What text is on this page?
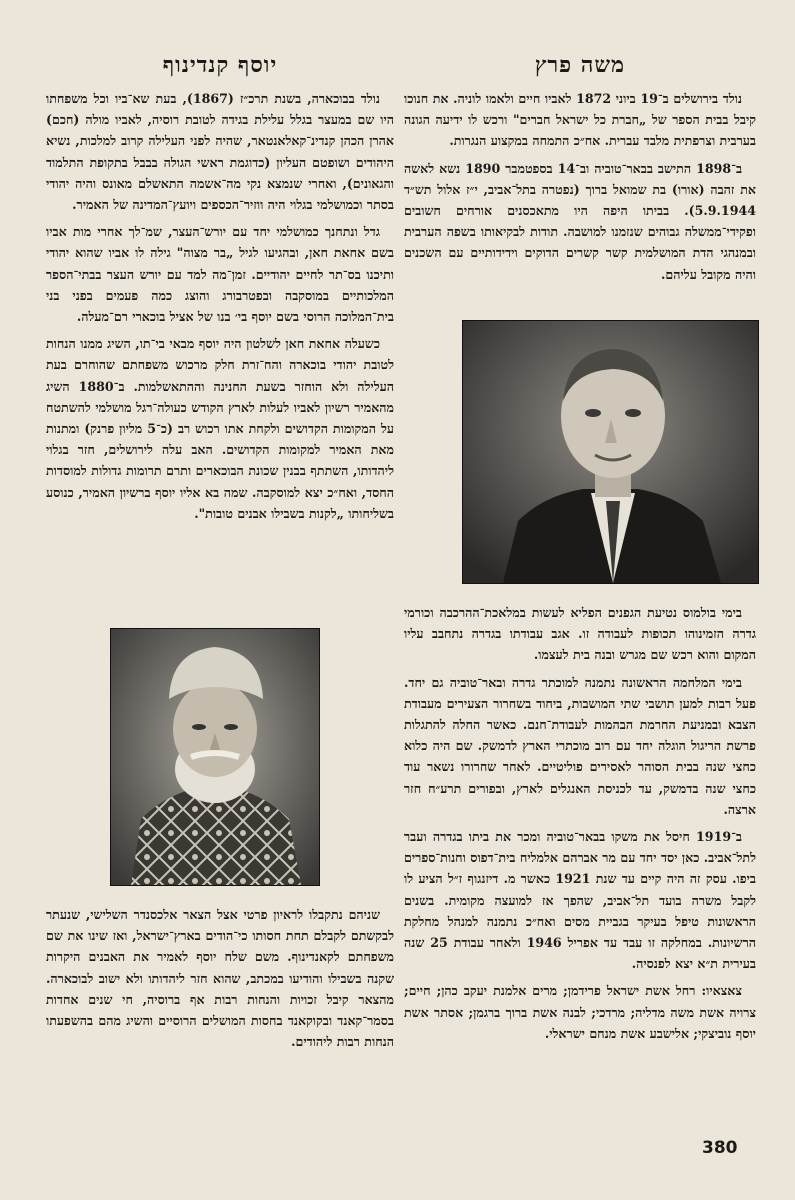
משה פרץ

נולד בירושלים ב־19 ביוני 1872 לאביו חיים ולאמו לוניה. את חנוכו קיבל בבית הספר של „חברת כל ישראל חברים" ורכש לו ידיעה הגונה בערבית וצרפתית מלבד עברית. אח״כ התמחה במקצוע הנגרות.

ב־1898 התישב בבאר־טוביה וב־14 בספטמבר 1890 נשא לאשה את זהבה (אורו) בת שמואל ברוך (נפטרה בתל־אביב, י״ז אלול תש״ד 5.9.1944). בביתו היפה היו מתאכסנים אורחים חשובים ופקידי־ממשלה גבוהים שנזמנו למושבה. תודות לבקיאותו בשפה הערבית ובמנהגי הדת המושלמית קשר קשרים הדוקים וידידותיים עם השכנים והיה מקובל עליהם.

בימי בולמוס נטיעת הגפנים הפליא לעשות במלאכת־ההרכבה וכורמי גדרה הזמינוהו תכופות לעבודה זו. אגב עבודתו בגדרה נתחבב עליו המקום והוא רכש שם מגרש ובנה בית לעצמו.

בימי המלחמה הראשונה נתמנה למוכתר גדרה ובאר־טוביה גם יחד. פעל רבות למען תושבי שתי המושבות, ביחוד בשחרור הצעירים מעבודת הצבא ובמניעת החרמת הבהמות לעבודת־חנם. כאשר החלה להתגלות פרשת הריגול הוגלה יחד עם רוב מוכתרי הארץ לדמשק. שם היה כלוא כחצי שנה בבית הסוהר לאסירים פוליטיים. לאחר שחרורו נשאר עוד כחצי שנה בדמשק, עד לכניסת האנגלים לארץ, ובפורים תרע״ח חזר ארצה.

ב־1919 חיסל את משקו בבאר־טוביה ומכר את ביתו בגדרה ועבר לתל־אביב. כאן יסד יחד עם מר אברהם אלמליח בית־דפוס וחנות־ספרים ביפו. עסק זה היה קיים עד שנת 1921 כאשר מ. דיזנגוף ז״ל הציע לו לקבל משרה בועד תל־אביב, שהפך אז למועצה מקומית. בשנים הראשונות טיפל בעיקר בגביית מסים ואח״כ נתמנה למנהל מחלקת הרשיונות. במחלקה זו עבד עד אפריל 1946 ולאחר עבודת 25 שנה בעירית ת״א יצא לפנסיה.

צאצאיו: רחל אשת ישראל פרידמן; מרים אלמנת יעקב כהן; חיים; צרויה אשת משה מדליה; מרדכי; לבנה אשת ברוך ברגמן; אסתר אשת יוסף נוביצקי; אלישבע אשת מנחם ישראלי.

יוסף קנדינוף

נולד בבוכארה, בשנת תרכ״ז (1867), בעת שא־ביו וכל משפחתו היו שם במעצר בגלל עלילת בגידה לטובת רוסיה, לאביו מולה (חכם) אהרן הכהן קנדינ־קאלאנטאר, שהיה לפני העלילה קרוב למלכות, נשיא היהודים ושופטם העליון (כדוגמת ראשי הגולה בבבל בתקופת התלמוד והגאונים), ואחרי שנמצא נקי מה־אשמה התאשלם מאונס והיה יהודי בסתר וכמושלמי בגלוי היה ווזיר־הכספים ויועץ־המדינה של האמיר.

גדל ונתחנך כמושלמי יחד עם יורש־העצר, שמ־לך אחרי מות אביו בשם אחאת חאן, ובהגיעו לגיל „בר מצוה" גילה לו אביו שהוא יהודי ותיכנו בס־תר לחיים יהודיים. זמן־מה למד עם יורש העצר בבתי־הספר המלכותיים במוסקבה ובפטרבורג והוצג כמה פעמים בפני בני בית־המלוכה הרוסי בשם יוסף בי׳ בנו של אציל בוכארי רם־מעלה.

כשעלה אחאת חאן לשלטון היה יוסף מבאי בי־תו, השיג ממנו הנחות לטובת יהודי בוכארה והח־זרת חלק מרכוש משפחתם שהוחרם בעת העלילה ולא הוחזר בשעת החנינה וההתאשלמות. ב־1880 השיג מהאמיר רשיון לאביו לעלות לארץ הקודש כעולה־רגל מושלמי להשתטח על המקומות הקדושים ולקחת אתו רכוש רב (כ־5 מליון פרנק) ומתנות מאת האמיר למקומות הקדושים. האב עלה לירושלים, חזר בגלוי ליהדותו, השתתף בבנין שכונת הבוכארים ותרם תרומות גדולות למוסדות החסד, ואח״כ יצא למוסקבה. שמה בא אליו יוסף ברשיון האמיר, כנוסע בשליחותו „לקנות בשבילו אבנים טובות".

שניהם נתקבלו לראיון פרטי אצל הצאר אלכסנדר השלישי, שנעתר לבקשתם לקבלם תחת חסותו כי־הודים בארץ־ישראל, ואז שינו את שם משפחתם לקאנדינוף. משם שלח יוסף לאמיר את האבנים היקרות שקנה בשבילו והודיעו במכתב, שהוא חזר ליהדותו ולא ישוב לבוכארה. מהצאר קיבל זכויות והנחות רבות אף ברוסיה, חי שנים אחדות בסמר־קאנד ובקוקאנד בחסות המושלים הרוסיים והשיג מהם בהשפעתו הנחות רבות ליהודים.

380
